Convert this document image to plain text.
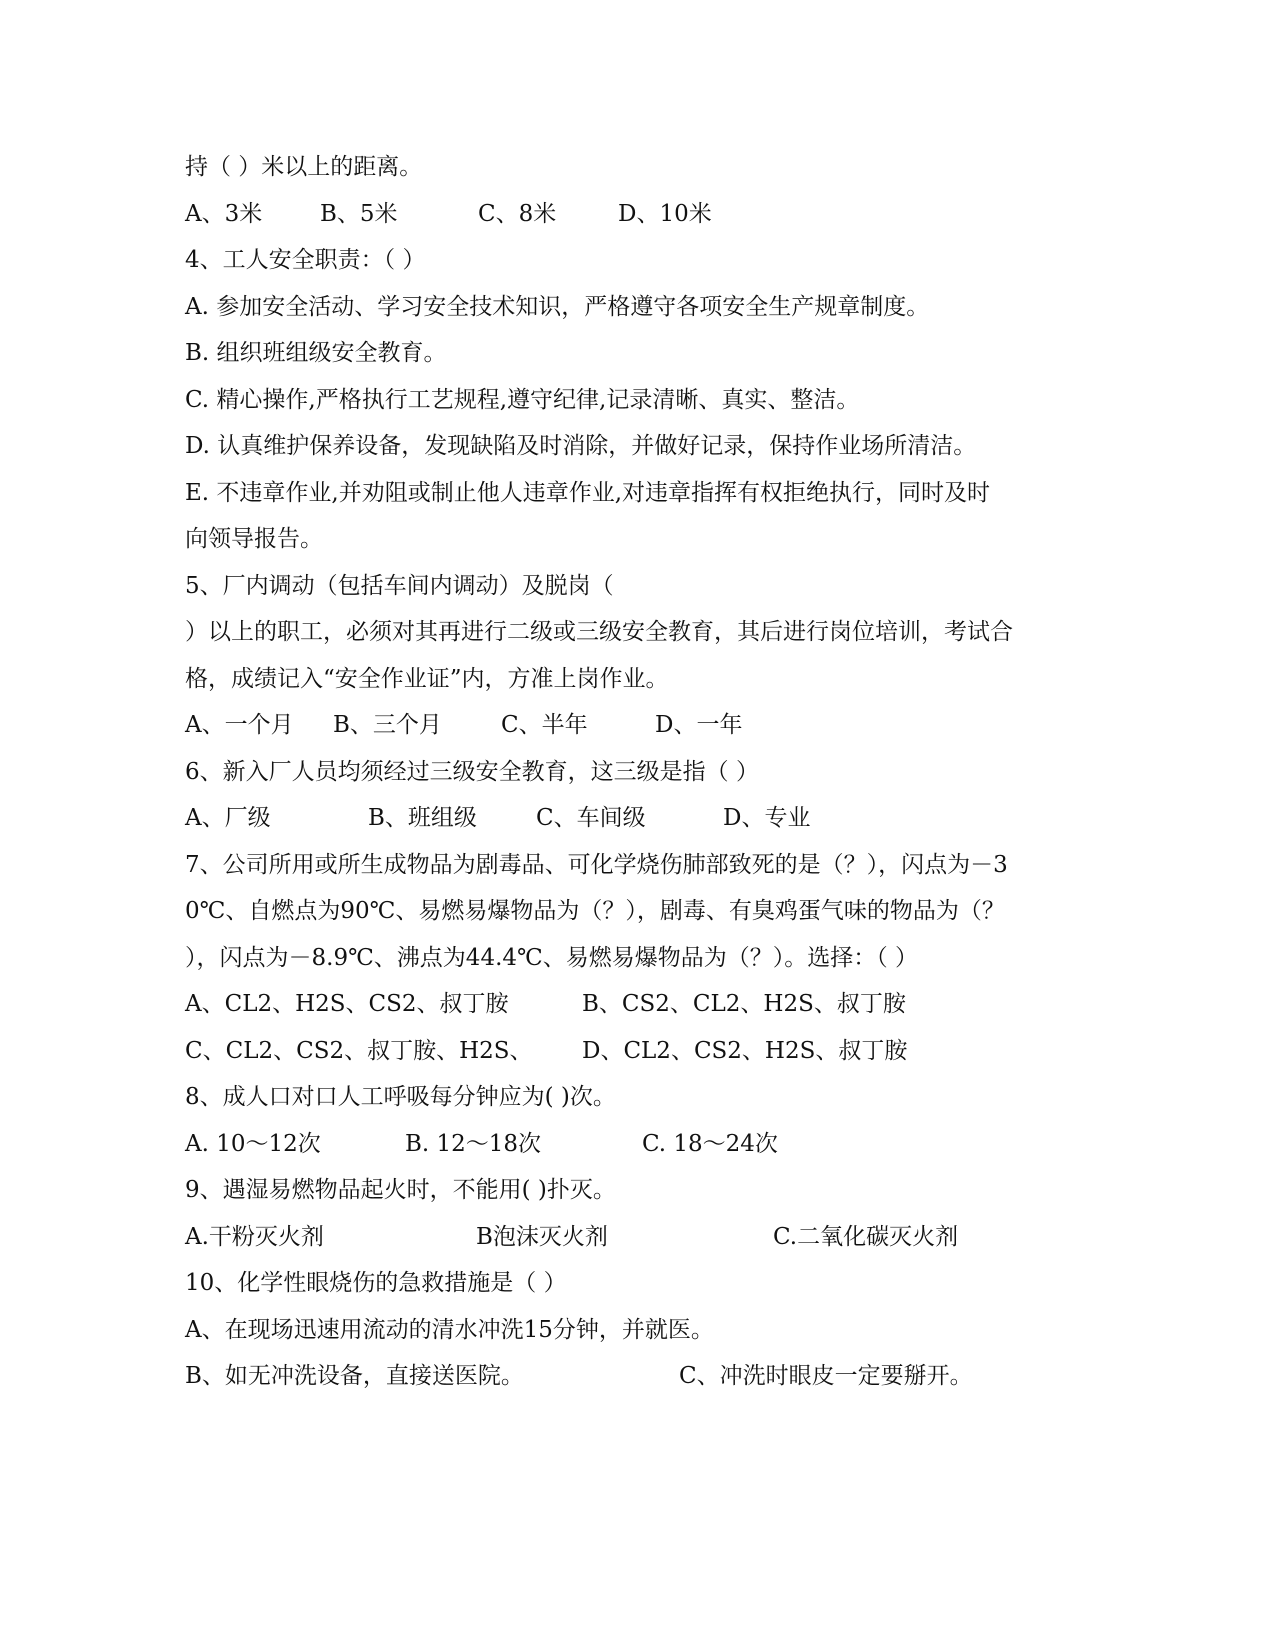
持（ ）米以上的距离。
A、3米	B、5米	C、8米	D、10米
4、工人安全职责：（ ）
A. 参加安全活动、学习安全技术知识，严格遵守各项安全生产规章制度。
B. 组织班组级安全教育。
C. 精心操作,严格执行工艺规程,遵守纪律,记录清晰、真实、整洁。
D. 认真维护保养设备，发现缺陷及时消除，并做好记录，保持作业场所清洁。
E. 不违章作业,并劝阻或制止他人违章作业,对违章指挥有权拒绝执行，同时及时
向领导报告。
5、厂内调动（包括车间内调动）及脱岗（
）以上的职工，必须对其再进行二级或三级安全教育，其后进行岗位培训，考试合
格，成绩记入“安全作业证”内，方准上岗作业。
A、一个月 B、三个月	C、半年	D、一年
6、新入厂人员均须经过三级安全教育，这三级是指（ ）
A、厂级	B、班组级	C、车间级	D、专业
7、公司所用或所生成物品为剧毒品、可化学烧伤肺部致死的是（？），闪点为－3
0℃、自燃点为90℃、易燃易爆物品为（？），剧毒、有臭鸡蛋气味的物品为（？
），闪点为－8.9℃、沸点为44.4℃、易燃易爆物品为（？）。选择：（ ）
A、CL2、H2S、CS2、叔丁胺	B、CS2、CL2、H2S、叔丁胺
C、CL2、CS2、叔丁胺、H2S、 D、CL2、CS2、H2S、叔丁胺
8、成人口对口人工呼吸每分钟应为( )次。
A. 10～12次	B. 12～18次	C. 18～24次
9、遇湿易燃物品起火时，不能用( )扑灭。
A.干粉灭火剂	B泡沫灭火剂	C.二氧化碳灭火剂
10、化学性眼烧伤的急救措施是（ ）
A、在现场迅速用流动的清水冲洗15分钟，并就医。
B、如无冲洗设备，直接送医院。	C、冲洗时眼皮一定要掰开。
